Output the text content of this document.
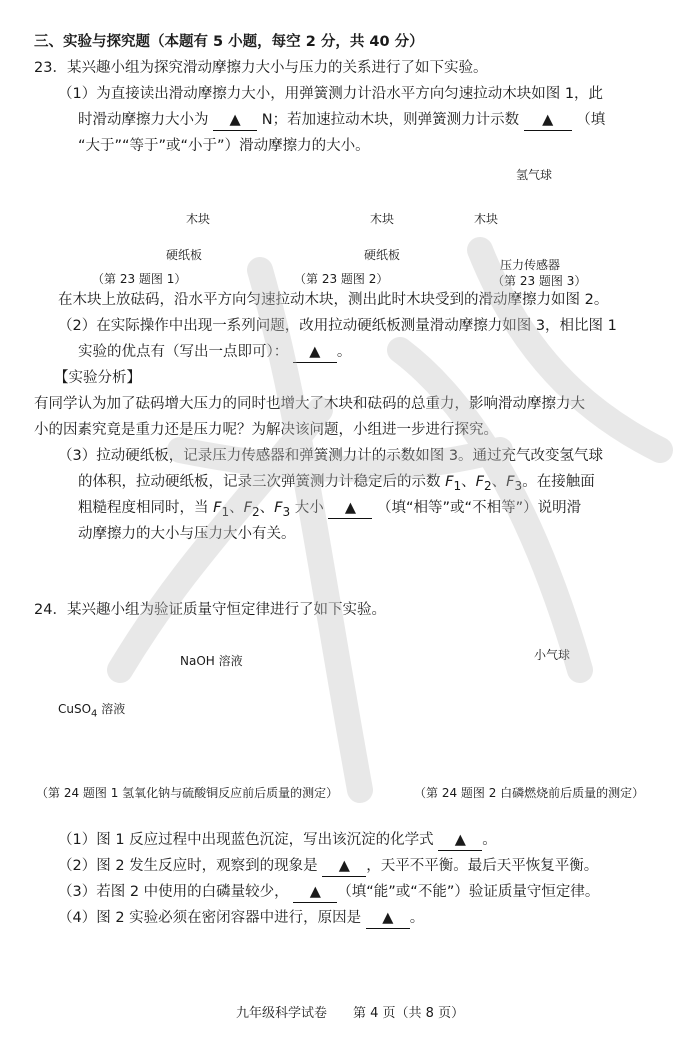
三、实验与探究题（本题有 5 小题，每空 2 分，共 40 分）
23．某兴趣小组为探究滑动摩擦力大小与压力的关系进行了如下实验。
（1）为直接读出滑动摩擦力大小，用弹簧测力计沿水平方向匀速拉动木块如图 1，此
时滑动摩擦力大小为 ▲ N；若加速拉动木块，则弹簧测力计示数 ▲ （填
“大于”“等于”或“小于”）滑动摩擦力的大小。
木块
硬纸板
（第 23 题图 1）
木块
硬纸板
（第 23 题图 2）
氢气球
木块
压力传感器
（第 23 题图 3）
在木块上放砝码，沿水平方向匀速拉动木块，测出此时木块受到的滑动摩擦力如图 2。
（2）在实际操作中出现一系列问题，改用拉动硬纸板测量滑动摩擦力如图 3，相比图 1
实验的优点有（写出一点即可）： ▲ 。
【实验分析】
有同学认为加了砝码增大压力的同时也增大了木块和砝码的总重力，影响滑动摩擦力大
小的因素究竟是重力还是压力呢？为解决该问题，小组进一步进行探究。
（3）拉动硬纸板，记录压力传感器和弹簧测力计的示数如图 3。通过充气改变氢气球
的体积，拉动硬纸板，记录三次弹簧测力计稳定后的示数 $F_1$、$F_2$、$F_3$。在接触面
粗糙程度相同时，当 $F_1$、$F_2$、$F_3$ 大小 ▲ （填“相等”或“不相等”）说明滑
动摩擦力的大小与压力大小有关。
24．某兴趣小组为验证质量守恒定律进行了如下实验。
NaOH 溶液
CuSO$_4$ 溶液
小气球
（第 24 题图 1 氢氧化钠与硫酸铜反应前后质量的测定）	（第 24 题图 2 白磷燃烧前后质量的测定）
（1）图 1 反应过程中出现蓝色沉淀，写出该沉淀的化学式 ▲ 。
（2）图 2 发生反应时，观察到的现象是 ▲ ，天平不平衡。最后天平恢复平衡。
（3）若图 2 中使用的白磷量较少， ▲ （填“能”或“不能”）验证质量守恒定律。
（4）图 2 实验必须在密闭容器中进行，原因是 ▲ 。
九年级科学试卷　　第 4 页（共 8 页）
